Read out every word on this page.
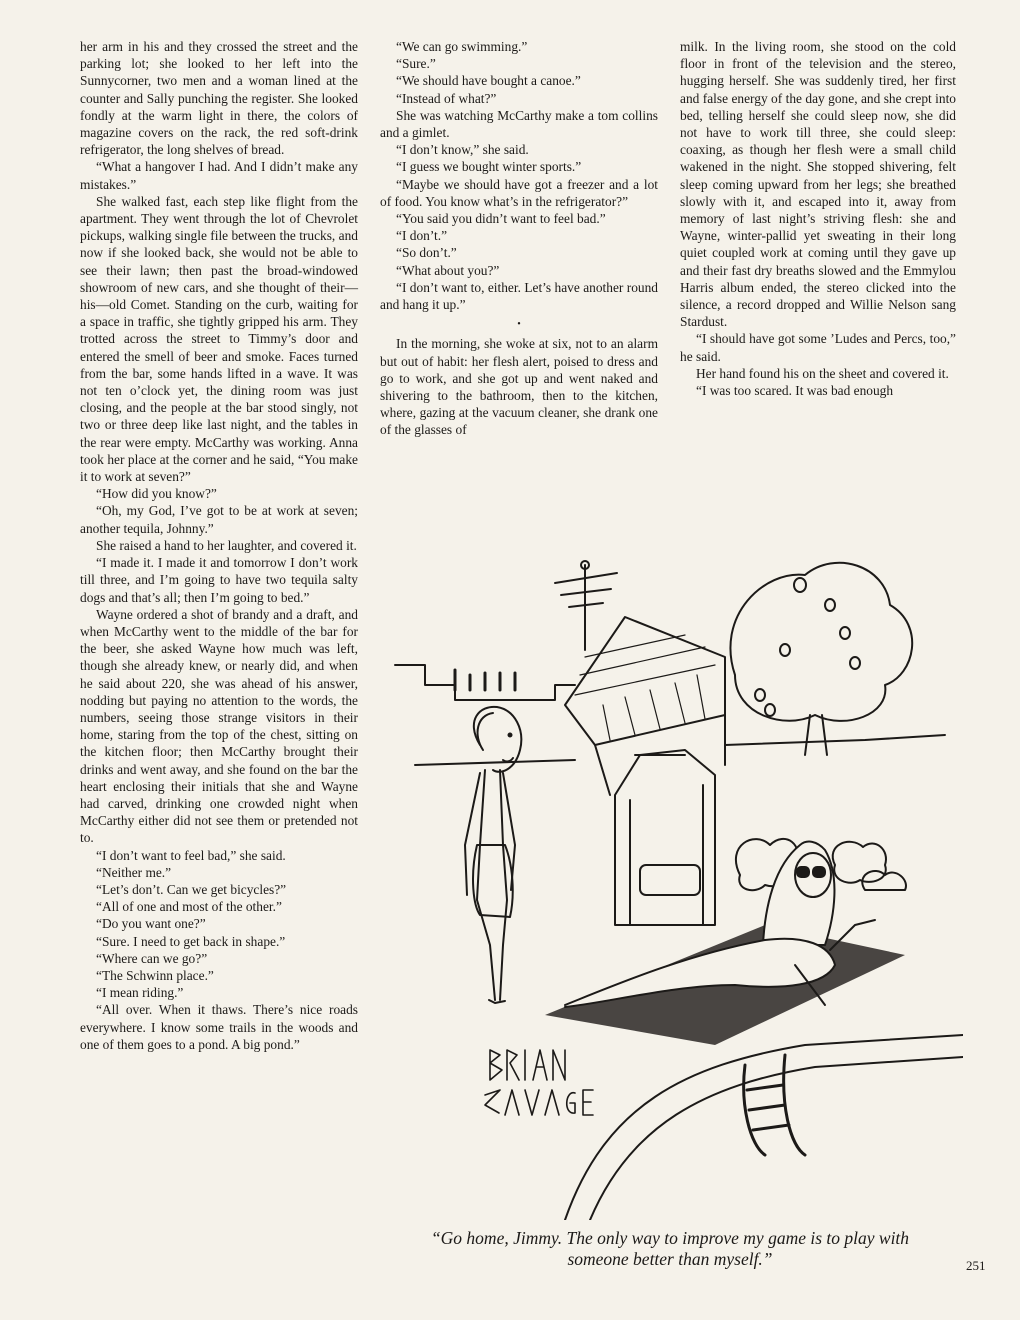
her arm in his and they crossed the street and the parking lot; she looked to her left into the Sunnycorner, two men and a woman lined at the counter and Sally punching the register. She looked fondly at the warm light in there, the colors of magazine covers on the rack, the red soft-drink refrigerator, the long shelves of bread.

“What a hangover I had. And I didn’t make any mistakes.”

She walked fast, each step like flight from the apartment. They went through the lot of Chevrolet pickups, walking single file between the trucks, and now if she looked back, she would not be able to see their lawn; then past the broad-windowed showroom of new cars, and she thought of their—his—old Comet. Standing on the curb, waiting for a space in traffic, she tightly gripped his arm. They trotted across the street to Timmy’s door and entered the smell of beer and smoke. Faces turned from the bar, some hands lifted in a wave. It was not ten o’clock yet, the dining room was just closing, and the people at the bar stood singly, not two or three deep like last night, and the tables in the rear were empty. McCarthy was working. Anna took her place at the corner and he said, “You make it to work at seven?”

“How did you know?”

“Oh, my God, I’ve got to be at work at seven; another tequila, Johnny.”

She raised a hand to her laughter, and covered it.

“I made it. I made it and tomorrow I don’t work till three, and I’m going to have two tequila salty dogs and that’s all; then I’m going to bed.”

Wayne ordered a shot of brandy and a draft, and when McCarthy went to the middle of the bar for the beer, she asked Wayne how much was left, though she already knew, or nearly did, and when he said about 220, she was ahead of his answer, nodding but paying no attention to the words, the numbers, seeing those strange visitors in their home, staring from the top of the chest, sitting on the kitchen floor; then McCarthy brought their drinks and went away, and she found on the bar the heart enclosing their initials that she and Wayne had carved, drinking one crowded night when McCarthy either did not see them or pretended not to.

“I don’t want to feel bad,” she said.

“Neither me.”

“Let’s don’t. Can we get bicycles?”

“All of one and most of the other.”

“Do you want one?”

“Sure. I need to get back in shape.”

“Where can we go?”

“The Schwinn place.”

“I mean riding.”

“All over. When it thaws. There’s nice roads everywhere. I know some trails in the woods and one of them goes to a pond. A big pond.”

“We can go swimming.”

“Sure.”

“We should have bought a canoe.”

“Instead of what?”

She was watching McCarthy make a tom collins and a gimlet.

“I don’t know,” she said.

“I guess we bought winter sports.”

“Maybe we should have got a freezer and a lot of food. You know what’s in the refrigerator?”

“You said you didn’t want to feel bad.”

“I don’t.”

“So don’t.”

“What about you?”

“I don’t want to, either. Let’s have another round and hang it up.”

•

In the morning, she woke at six, not to an alarm but out of habit: her flesh alert, poised to dress and go to work, and she got up and went naked and shivering to the bathroom, then to the kitchen, where, gazing at the vacuum cleaner, she drank one of the glasses of

milk. In the living room, she stood on the cold floor in front of the television and the stereo, hugging herself. She was suddenly tired, her first and false energy of the day gone, and she crept into bed, telling herself she could sleep now, she did not have to work till three, she could sleep: coaxing, as though her flesh were a small child wakened in the night. She stopped shivering, felt sleep coming upward from her legs; she breathed slowly with it, and escaped into it, away from memory of last night’s striving flesh: she and Wayne, winter-pallid yet sweating in their long quiet coupled work at coming until they gave up and their fast dry breaths slowed and the Emmylou Harris album ended, the stereo clicked into the silence, a record dropped and Willie Nelson sang Stardust.

“I should have got some ’Ludes and Percs, too,” he said.

Her hand found his on the sheet and covered it.

“I was too scared. It was bad enough

“Go home, Jimmy. The only way to improve my game is to play with someone better than myself.”	251
